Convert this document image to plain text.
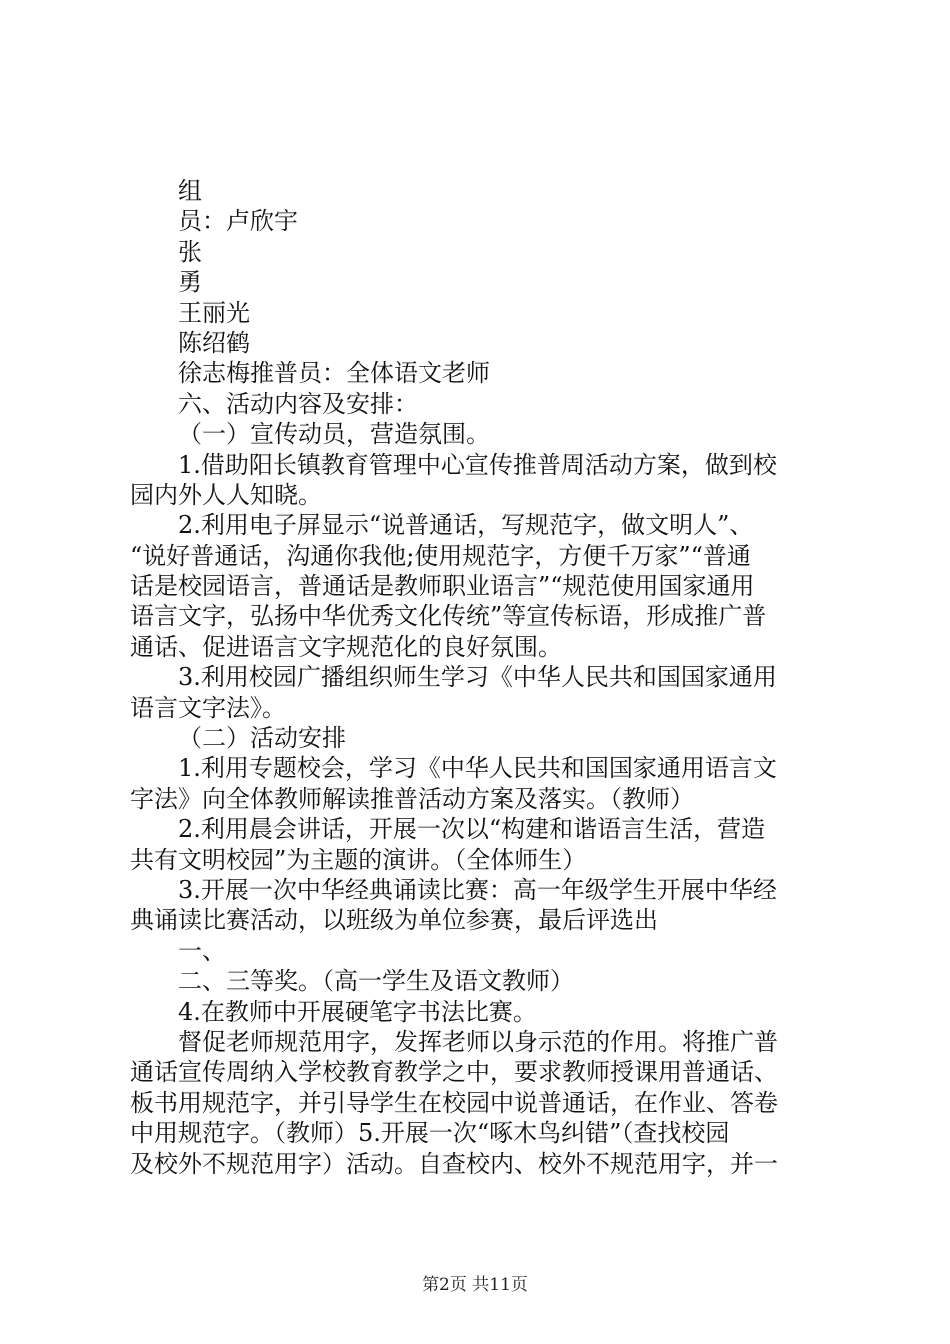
组
员：卢欣宇
张
勇
王丽光
陈绍鹤
徐志梅推普员：全体语文老师
六、活动内容及安排：
（一）宣传动员，营造氛围。
1.借助阳长镇教育管理中心宣传推普周活动方案，做到校
园内外人人知晓。
2.利用电子屏显示“说普通话，写规范字，做文明人”、
“说好普通话，沟通你我他;使用规范字，方便千万家”“普通
话是校园语言，普通话是教师职业语言”“规范使用国家通用
语言文字，弘扬中华优秀文化传统”等宣传标语，形成推广普
通话、促进语言文字规范化的良好氛围。
3.利用校园广播组织师生学习《中华人民共和国国家通用
语言文字法》。
（二）活动安排
1.利用专题校会，学习《中华人民共和国国家通用语言文
字法》向全体教师解读推普活动方案及落实。（教师）
2.利用晨会讲话，开展一次以“构建和谐语言生活，营造
共有文明校园”为主题的演讲。（全体师生）
3.开展一次中华经典诵读比赛：高一年级学生开展中华经
典诵读比赛活动，以班级为单位参赛，最后评选出
一、
二、三等奖。（高一学生及语文教师）
4.在教师中开展硬笔字书法比赛。
督促老师规范用字，发挥老师以身示范的作用。将推广普
通话宣传周纳入学校教育教学之中，要求教师授课用普通话、
板书用规范字，并引导学生在校园中说普通话，在作业、答卷
中用规范字。（教师）5.开展一次“啄木鸟纠错”（查找校园
及校外不规范用字）活动。自查校内、校外不规范用字，并一
第2页 共11页
